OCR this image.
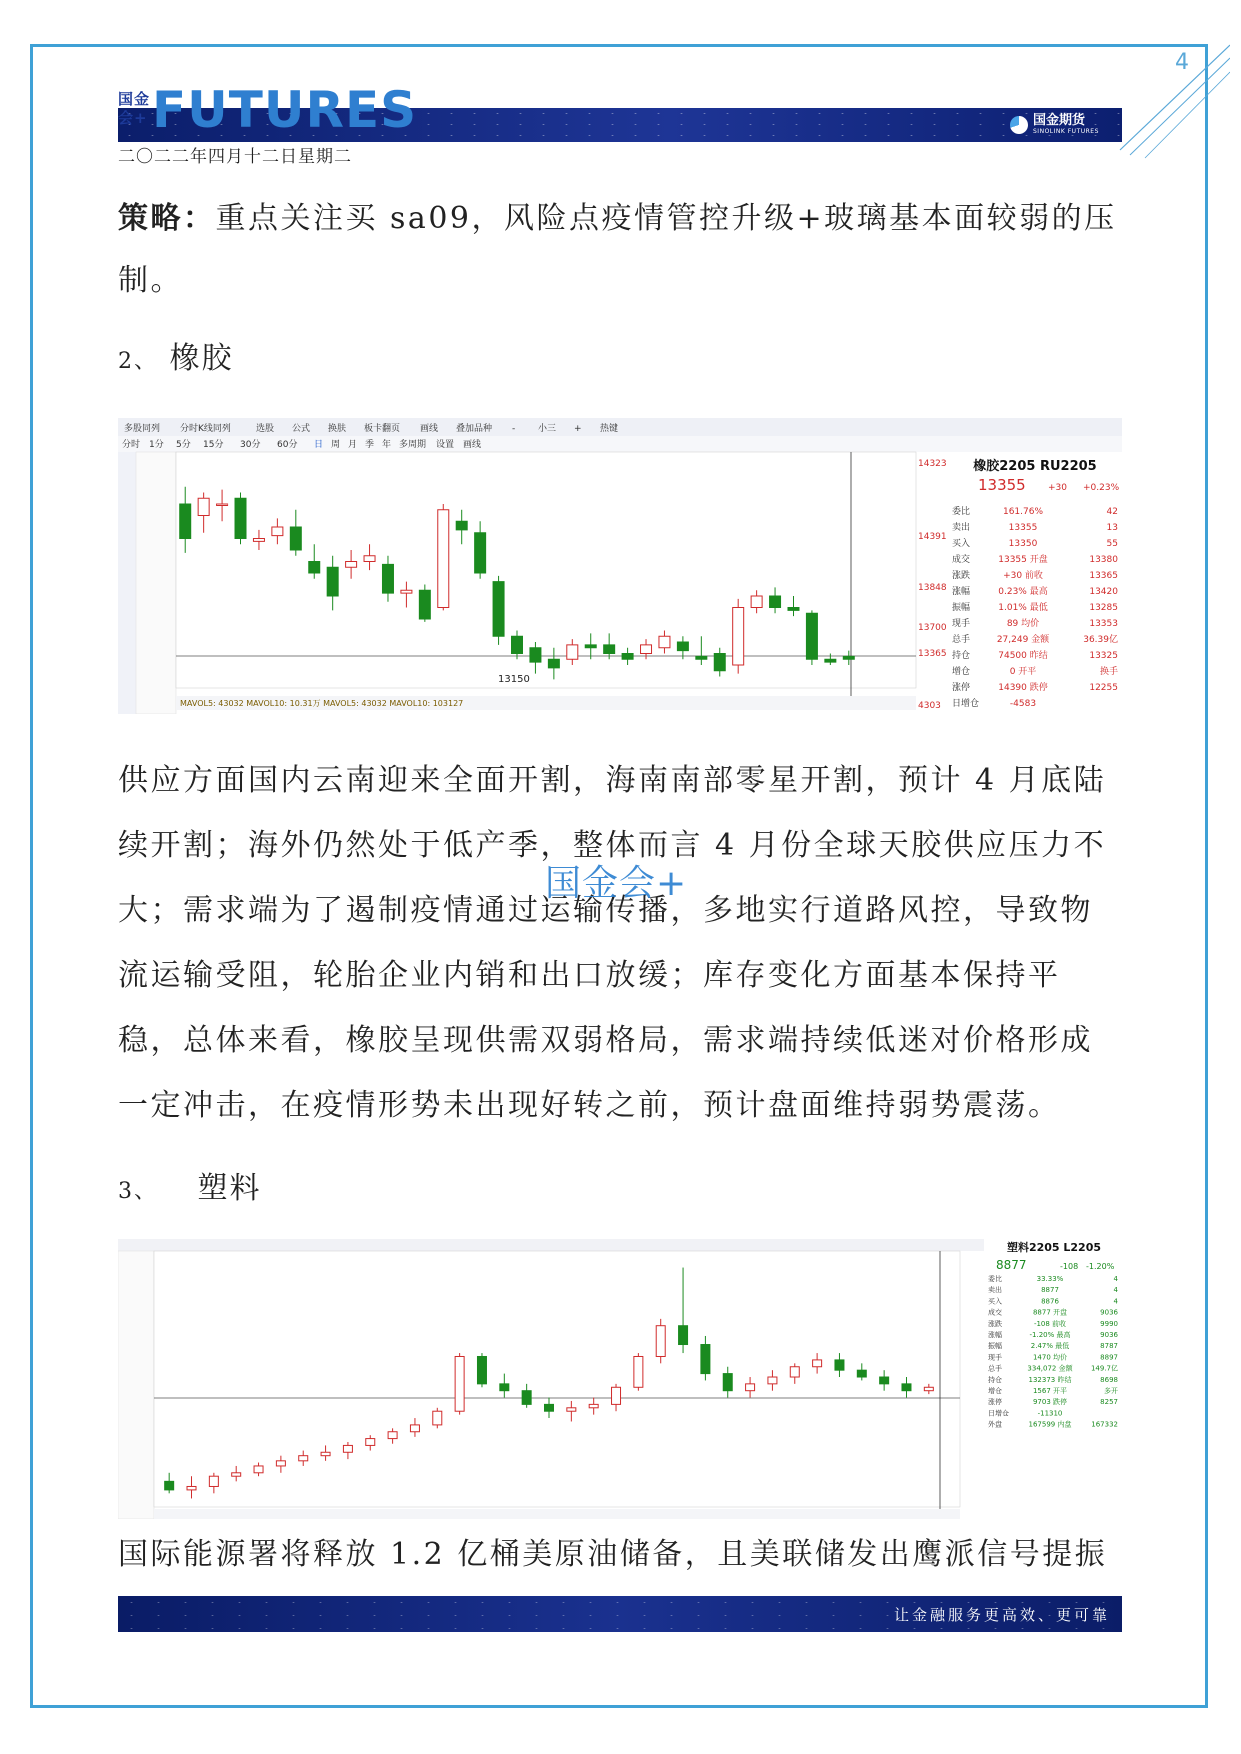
4
国金会+ FUTURES	国金期货
SINOLINK FUTURES
二〇二二年四月十二日星期二
策略：重点关注买 sa09，风险点疫情管控升级+玻璃基本面较弱的压制。
2、 橡胶
多股同列 分时K线同列	选股 公式 换肤 板卡翻页 画线 叠加品种 -	小三 + 热键
分时 1分 5分 15分 30分 60分 日 周 月 季 年 多周期 设置 画线
13150
14323
14391
13848
13700
13365
4303
MAVOL5: 43032 MAVOL10: 10.31万 MAVOL5: 43032 MAVOL10: 103127
橡胶2205 RU2205
13355 +30 +0.23%
委比	161.76%	42
卖出	13355	13
买入	13350	55
成交	13355 开盘	13380
涨跌	+30 前收	13365
涨幅	0.23% 最高	13420
振幅	1.01% 最低	13285
现手	89 均价	13353
总手	27,249 金额	36.39亿
持仓	74500 昨结	13325
增仓	0 开平	换手
涨停	14390 跌停	12255
日增仓	-4583
供应方面国内云南迎来全面开割，海南南部零星开割，预计 4 月底陆续开割；海外仍然处于低产季，整体而言 4 月份全球天胶供应压力不大；需求端为了遏制疫情通过运输传播，多地实行道路风控，导致物流运输受阻，轮胎企业内销和出口放缓；库存变化方面基本保持平稳，总体来看，橡胶呈现供需双弱格局，需求端持续低迷对价格形成一定冲击，在疫情形势未出现好转之前，预计盘面维持弱势震荡。
国金会+
3、 塑料
塑料2205 L2205
8877	-108 -1.20%
委比	33.33%	4
卖出	8877	4
买入	8876	4
成交	8877 开盘	9036
涨跌	-108 前收	9990
涨幅	-1.20% 最高	9036
振幅	2.47% 最低	8787
现手	1470 均价	8897
总手	334,072 金额	149.7亿
持仓	132373 昨结	8698
增仓	1567 开平	多开
涨停	9703 跌停	8257
日增仓	-11310
外盘	167599 内盘	167332
国际能源署将释放 1.2 亿桶美原油储备，且美联储发出鹰派信号提振
让金融服务更高效、更可靠
